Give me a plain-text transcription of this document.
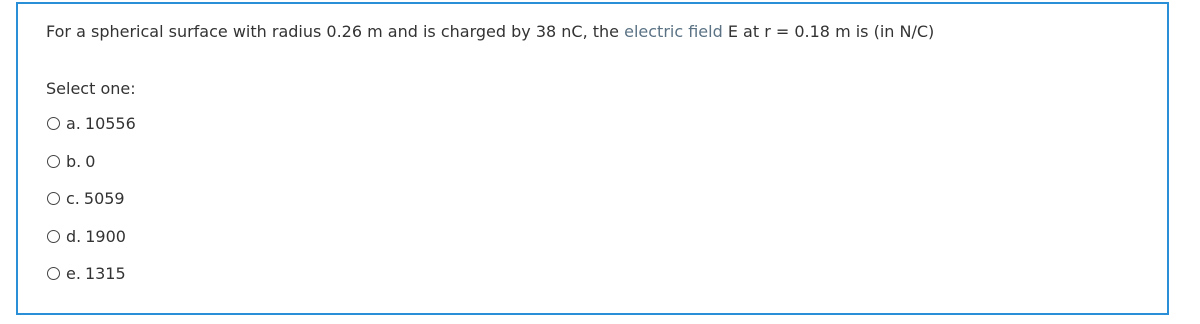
For a spherical surface with radius 0.26 m and is charged by 38 nC, the electric field E at r = 0.18 m is (in N/C)
Select one:
a. 10556
b. 0
c. 5059
d. 1900
e. 1315
